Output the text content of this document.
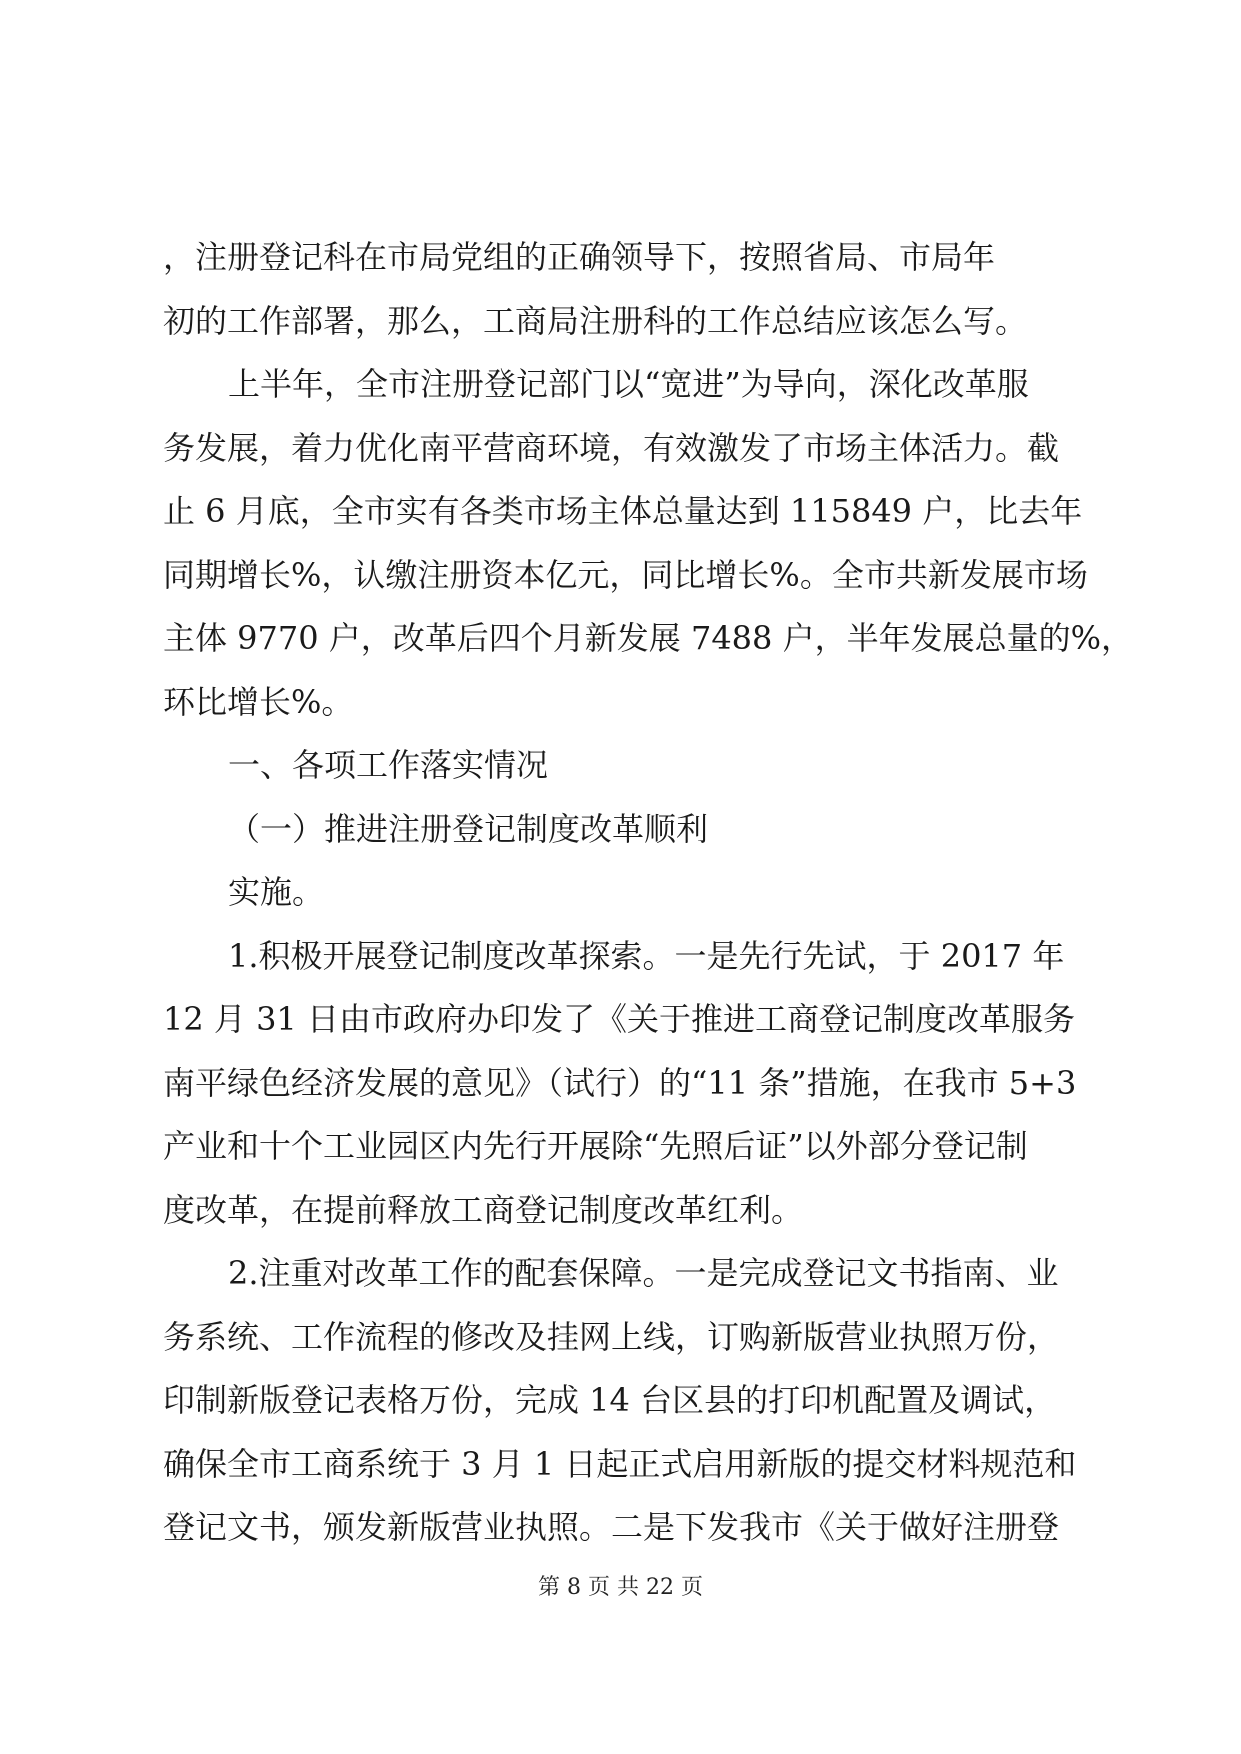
，注册登记科在市局党组的正确领导下，按照省局、市局年
初的工作部署，那么，工商局注册科的工作总结应该怎么写。
上半年，全市注册登记部门以“宽进”为导向，深化改革服
务发展，着力优化南平营商环境，有效激发了市场主体活力。截
止 6 月底，全市实有各类市场主体总量达到 115849 户，比去年
同期增长%，认缴注册资本亿元，同比增长%。全市共新发展市场
主体 9770 户，改革后四个月新发展 7488 户，半年发展总量的%，
环比增长%。
一、各项工作落实情况
（一）推进注册登记制度改革顺利
实施。
1.积极开展登记制度改革探索。一是先行先试，于 2017 年
12 月 31 日由市政府办印发了《关于推进工商登记制度改革服务
南平绿色经济发展的意见》（试行）的“11 条”措施，在我市 5+3
产业和十个工业园区内先行开展除“先照后证”以外部分登记制
度改革，在提前释放工商登记制度改革红利。
2.注重对改革工作的配套保障。一是完成登记文书指南、业
务系统、工作流程的修改及挂网上线，订购新版营业执照万份，
印制新版登记表格万份，完成 14 台区县的打印机配置及调试，
确保全市工商系统于 3 月 1 日起正式启用新版的提交材料规范和
登记文书，颁发新版营业执照。二是下发我市《关于做好注册登
第 8 页 共 22 页
